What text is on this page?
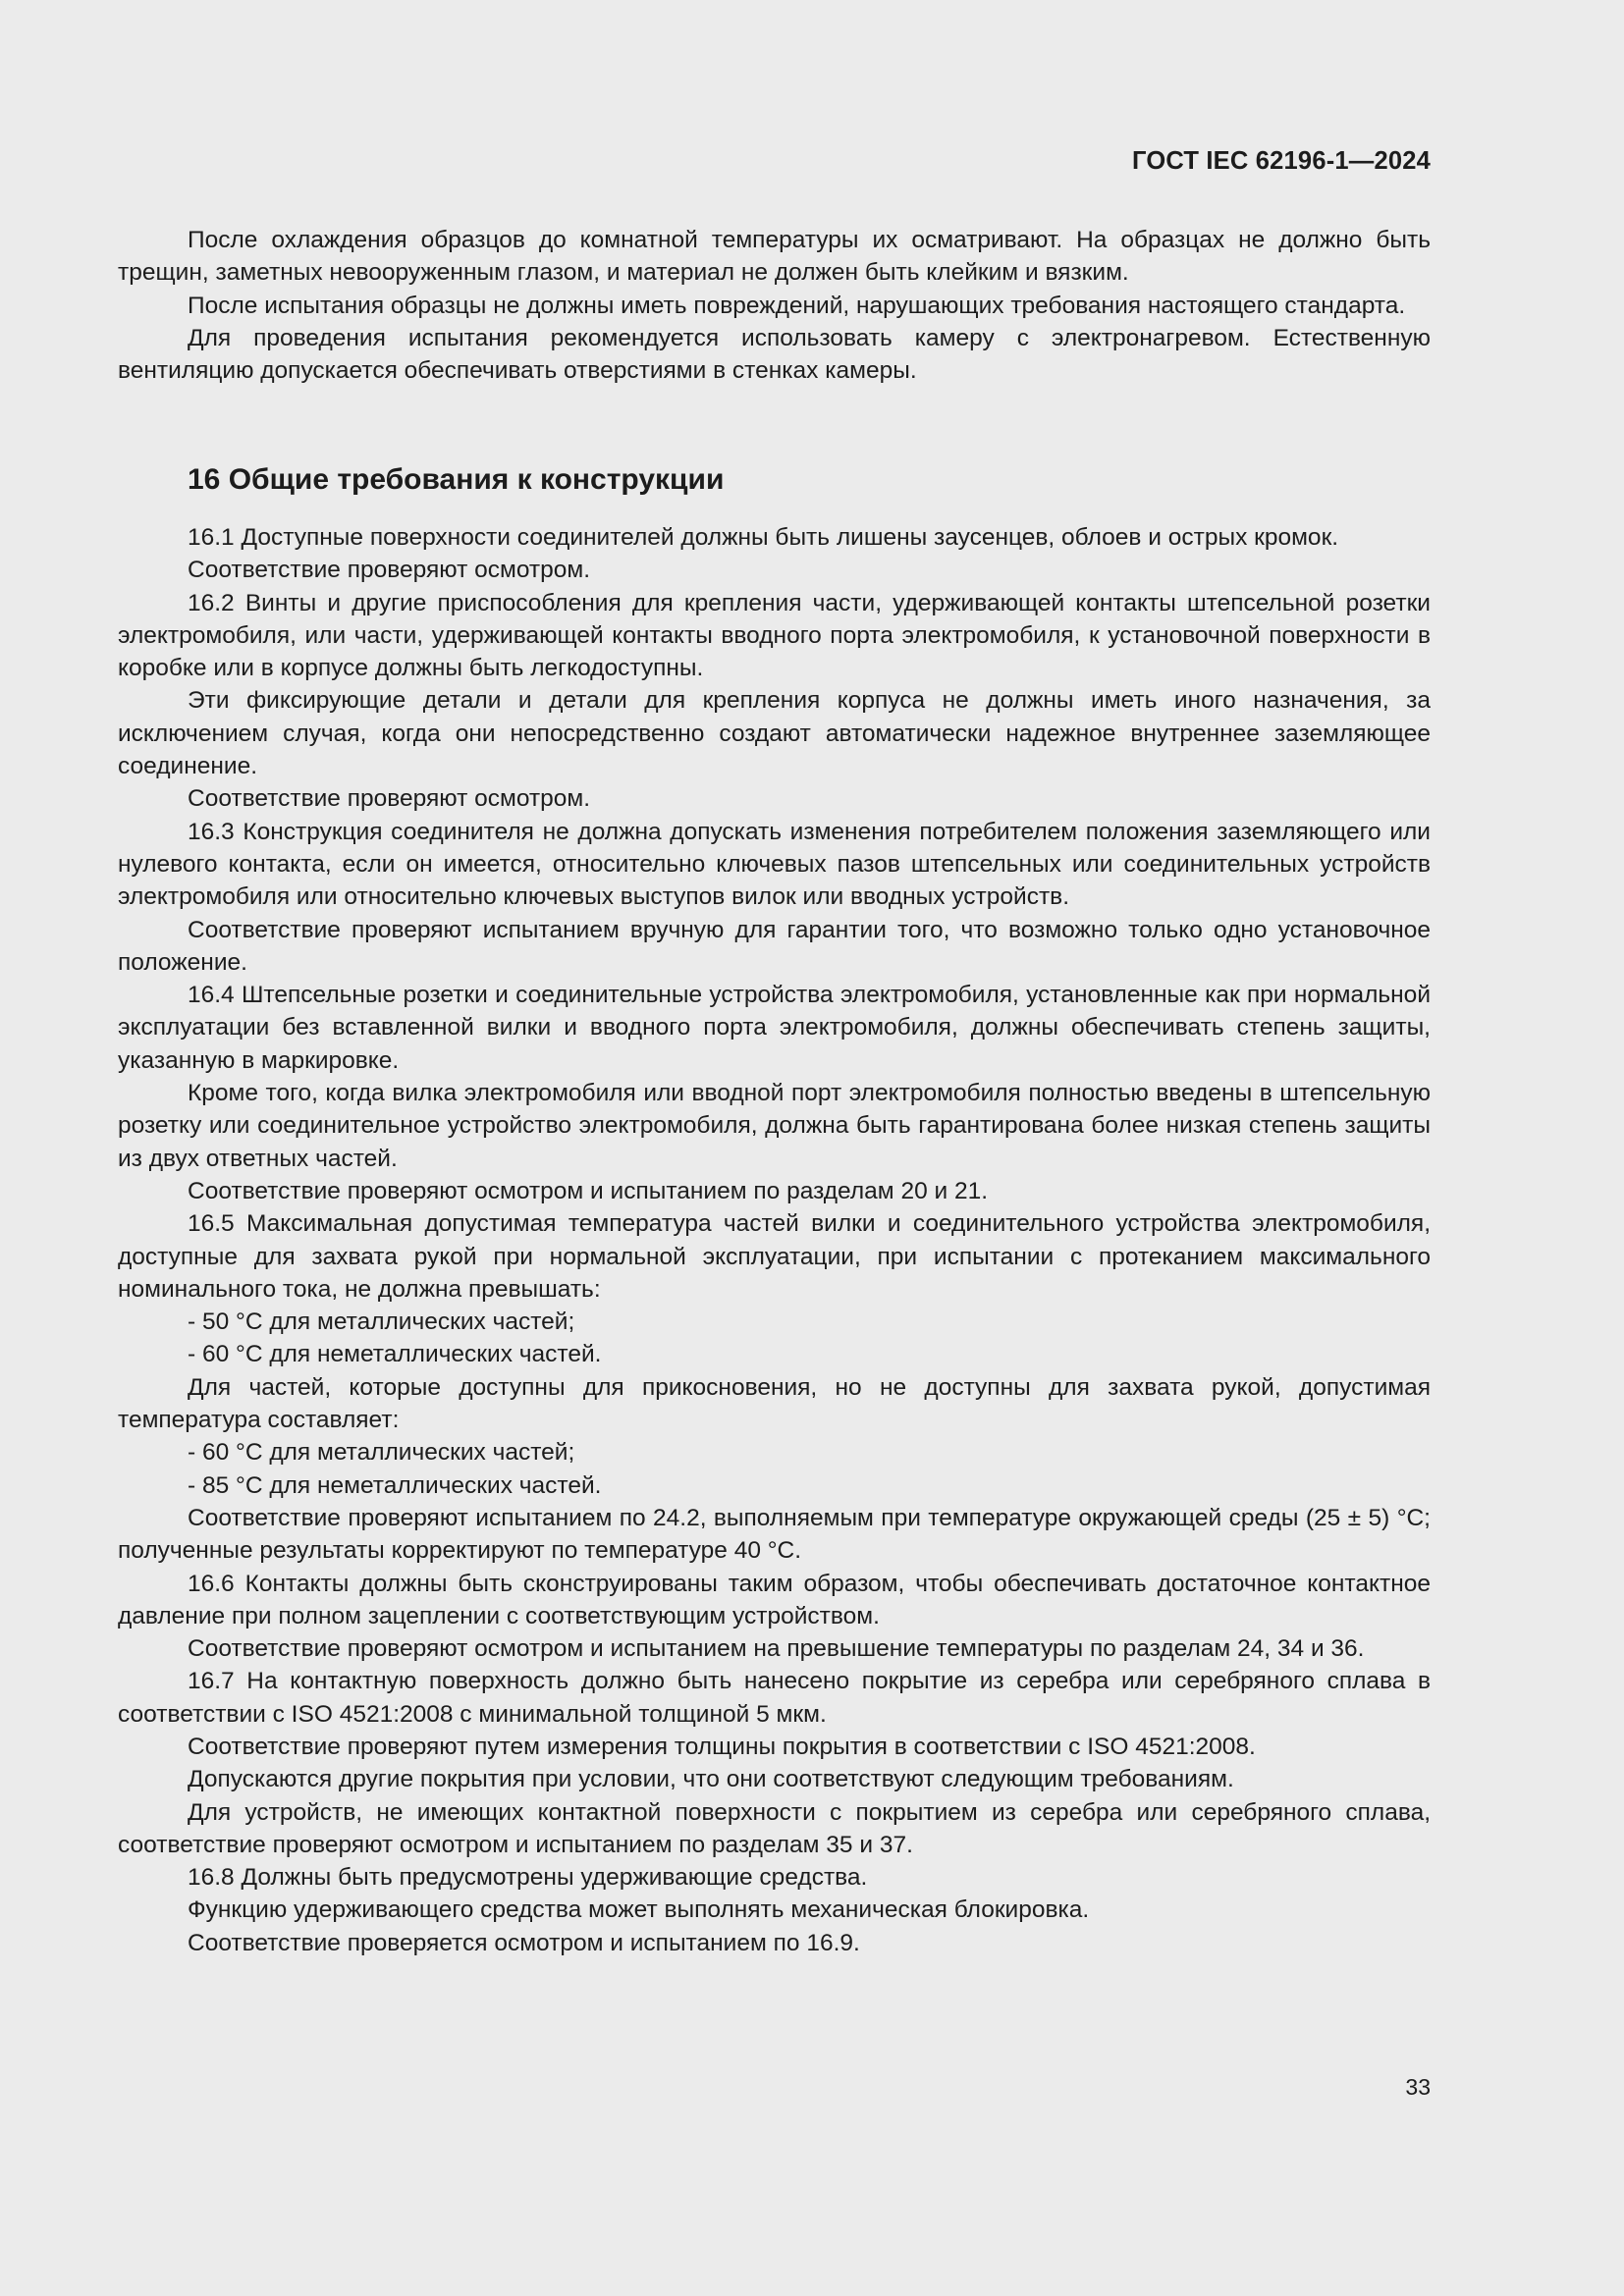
ГОСТ IEC 62196-1—2024

После охлаждения образцов до комнатной температуры их осматривают. На образцах не должно быть трещин, заметных невооруженным глазом, и материал не должен быть клейким и вязким.

После испытания образцы не должны иметь повреждений, нарушающих требования настоящего стандарта.

Для проведения испытания рекомендуется использовать камеру с электронагревом. Естественную вентиляцию допускается обеспечивать отверстиями в стенках камеры.

16 Общие требования к конструкции

16.1 Доступные поверхности соединителей должны быть лишены заусенцев, облоев и острых кромок.

Соответствие проверяют осмотром.

16.2 Винты и другие приспособления для крепления части, удерживающей контакты штепсельной розетки электромобиля, или части, удерживающей контакты вводного порта электромобиля, к установочной поверхности в коробке или в корпусе должны быть легкодоступны.

Эти фиксирующие детали и детали для крепления корпуса не должны иметь иного назначения, за исключением случая, когда они непосредственно создают автоматически надежное внутреннее заземляющее соединение.

Соответствие проверяют осмотром.

16.3 Конструкция соединителя не должна допускать изменения потребителем положения заземляющего или нулевого контакта, если он имеется, относительно ключевых пазов штепсельных или соединительных устройств электромобиля или относительно ключевых выступов вилок или вводных устройств.

Соответствие проверяют испытанием вручную для гарантии того, что возможно только одно установочное положение.

16.4 Штепсельные розетки и соединительные устройства электромобиля, установленные как при нормальной эксплуатации без вставленной вилки и вводного порта электромобиля, должны обеспечивать степень защиты, указанную в маркировке.

Кроме того, когда вилка электромобиля или вводной порт электромобиля полностью введены в штепсельную розетку или соединительное устройство электромобиля, должна быть гарантирована более низкая степень защиты из двух ответных частей.

Соответствие проверяют осмотром и испытанием по разделам 20 и 21.

16.5 Максимальная допустимая температура частей вилки и соединительного устройства электромобиля, доступные для захвата рукой при нормальной эксплуатации, при испытании с протеканием максимального номинального тока, не должна превышать:

- 50 °С для металлических частей;

- 60 °С для неметаллических частей.

Для частей, которые доступны для прикосновения, но не доступны для захвата рукой, допустимая температура составляет:

- 60 °С для металлических частей;

- 85 °С для неметаллических частей.

Соответствие проверяют испытанием по 24.2, выполняемым при температуре окружающей среды (25 ± 5) °С; полученные результаты корректируют по температуре 40 °С.

16.6 Контакты должны быть сконструированы таким образом, чтобы обеспечивать достаточное контактное давление при полном зацеплении с соответствующим устройством.

Соответствие проверяют осмотром и испытанием на превышение температуры по разделам 24, 34 и 36.

16.7 На контактную поверхность должно быть нанесено покрытие из серебра или серебряного сплава в соответствии с ISO 4521:2008 с минимальной толщиной 5 мкм.

Соответствие проверяют путем измерения толщины покрытия в соответствии с ISO 4521:2008.

Допускаются другие покрытия при условии, что они соответствуют следующим требованиям.

Для устройств, не имеющих контактной поверхности с покрытием из серебра или серебряного сплава, соответствие проверяют осмотром и испытанием по разделам 35 и 37.

16.8 Должны быть предусмотрены удерживающие средства.

Функцию удерживающего средства может выполнять механическая блокировка.

Соответствие проверяется осмотром и испытанием по 16.9.

33
